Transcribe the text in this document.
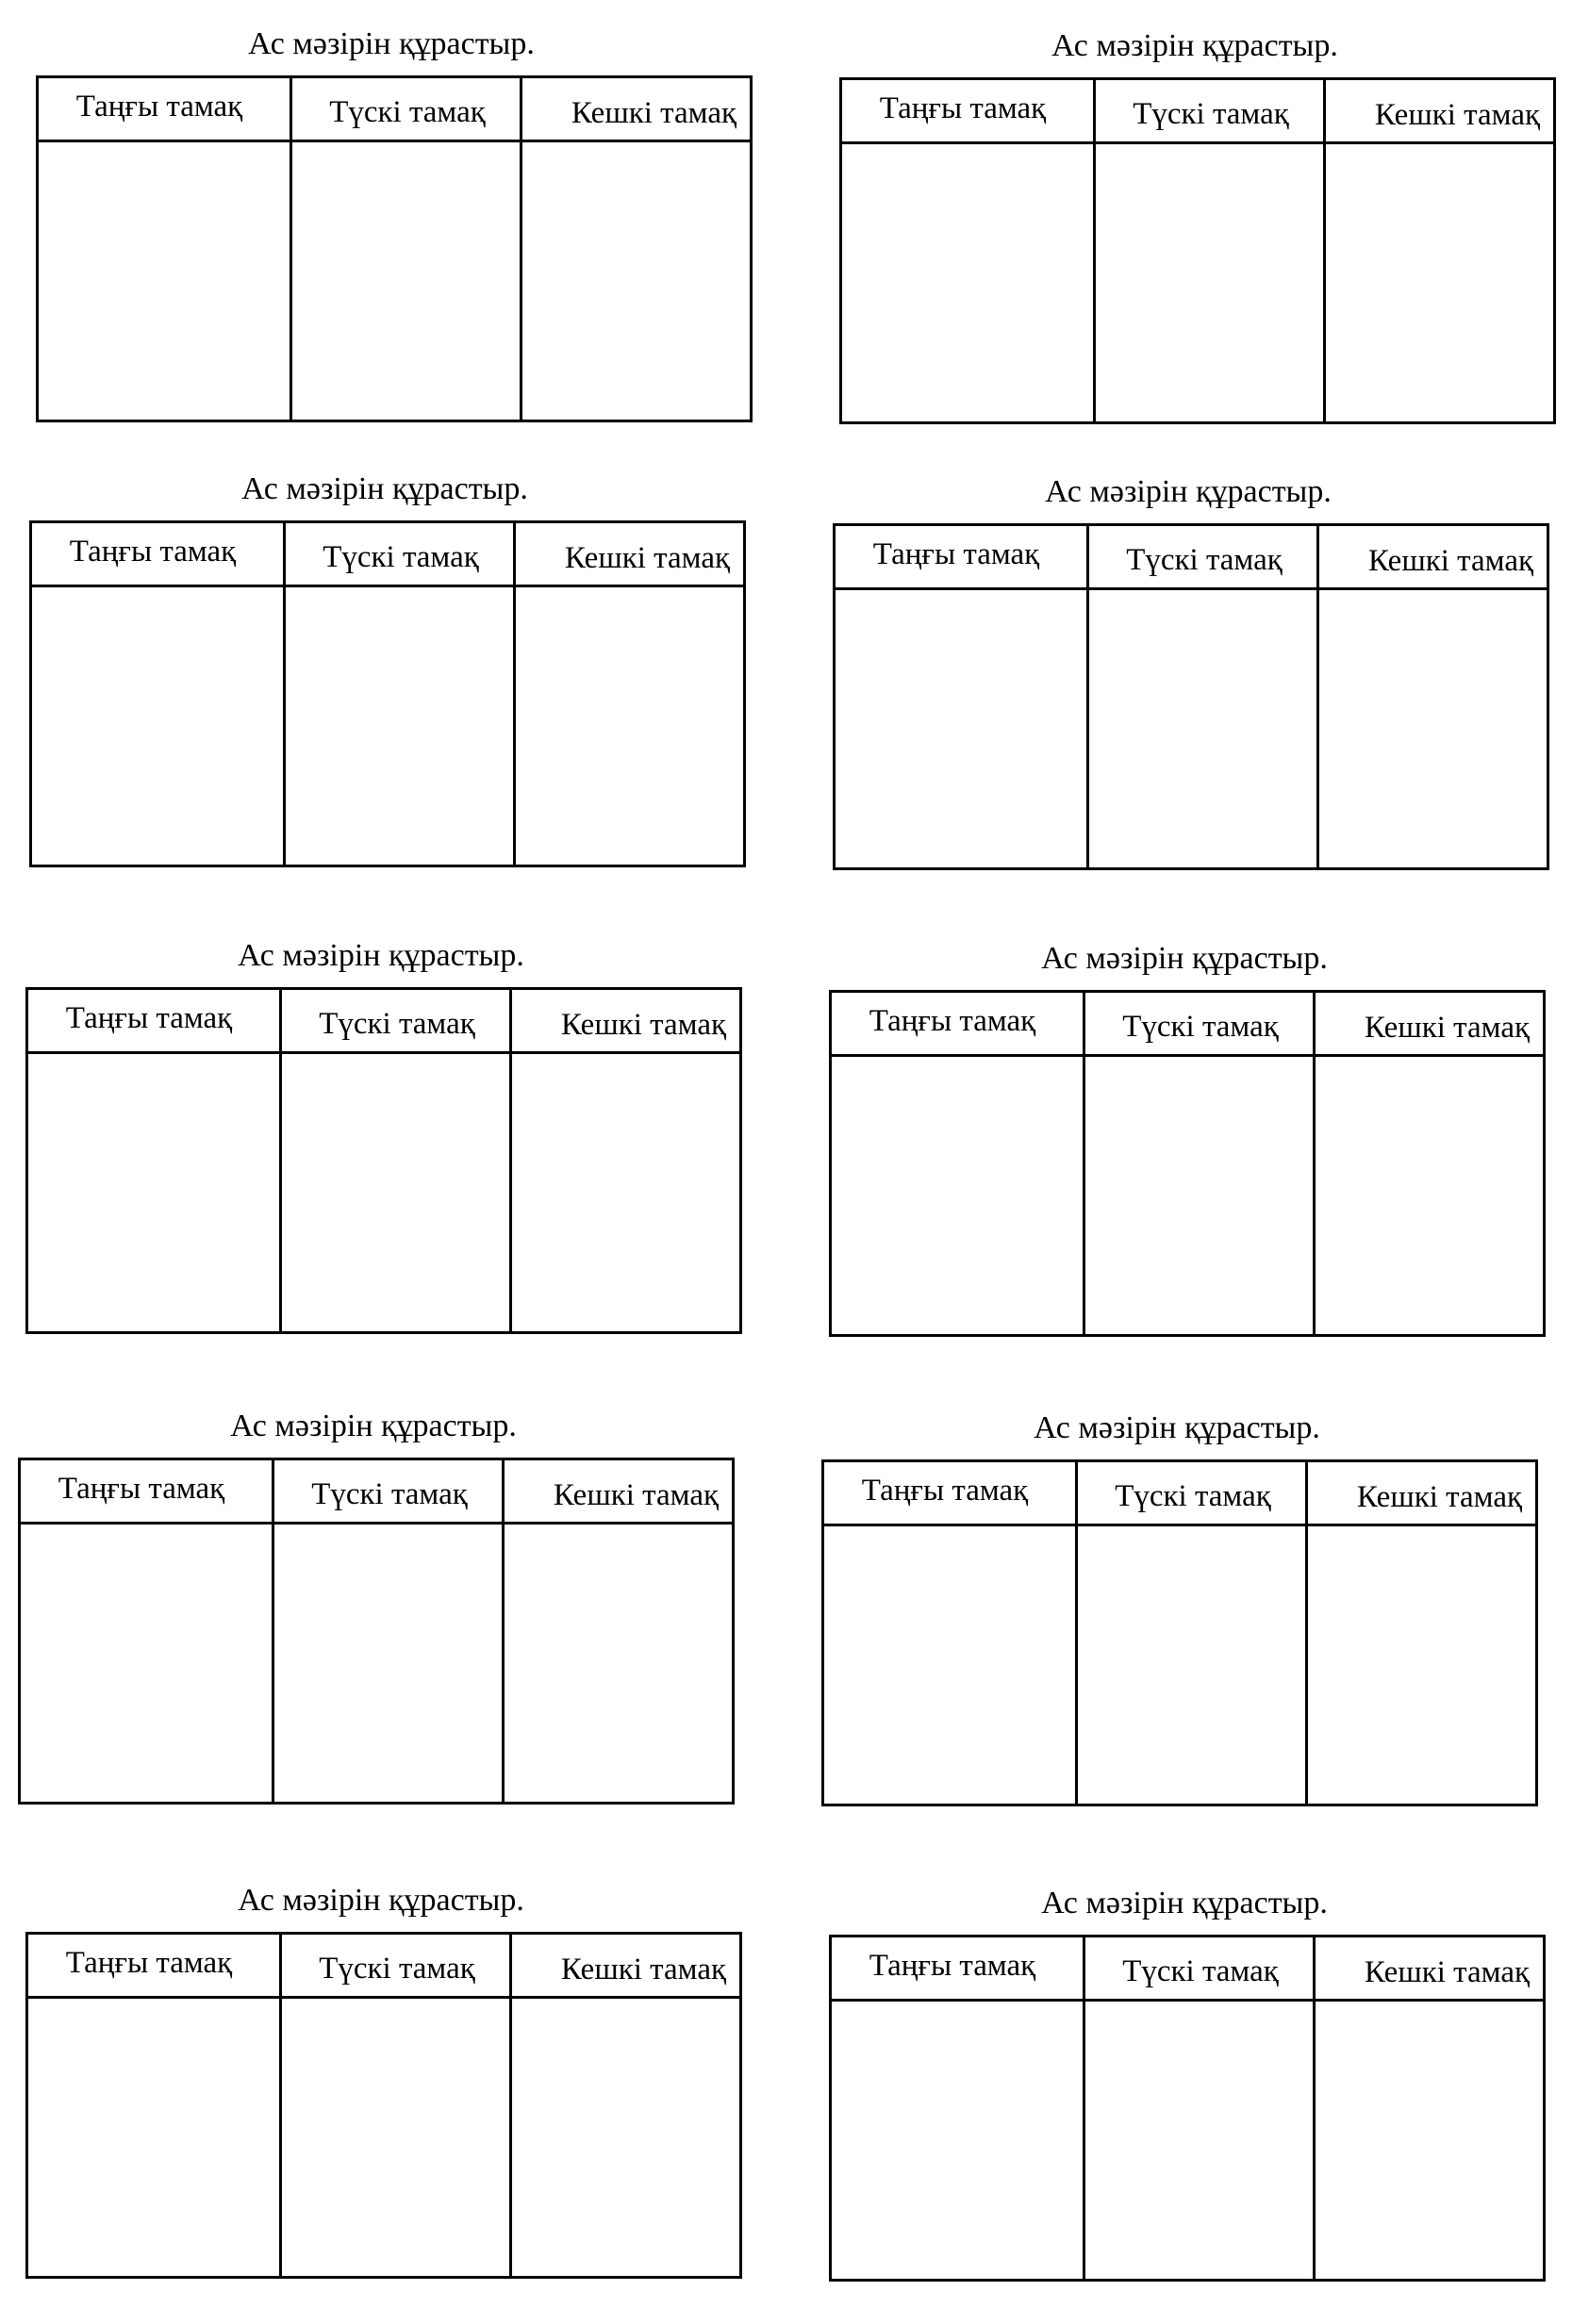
Ас мәзірін құрастыр.
Таңғы тамақ	Түскі тамақ	Кешкі тамақ
Ас мәзірін құрастыр.
Таңғы тамақ	Түскі тамақ	Кешкі тамақ
Ас мәзірін құрастыр.
Таңғы тамақ	Түскі тамақ	Кешкі тамақ
Ас мәзірін құрастыр.
Таңғы тамақ	Түскі тамақ	Кешкі тамақ
Ас мәзірін құрастыр.
Таңғы тамақ	Түскі тамақ	Кешкі тамақ
Ас мәзірін құрастыр.
Таңғы тамақ	Түскі тамақ	Кешкі тамақ
Ас мәзірін құрастыр.
Таңғы тамақ	Түскі тамақ	Кешкі тамақ
Ас мәзірін құрастыр.
Таңғы тамақ	Түскі тамақ	Кешкі тамақ
Ас мәзірін құрастыр.
Таңғы тамақ	Түскі тамақ	Кешкі тамақ
Ас мәзірін құрастыр.
Таңғы тамақ	Түскі тамақ	Кешкі тамақ
